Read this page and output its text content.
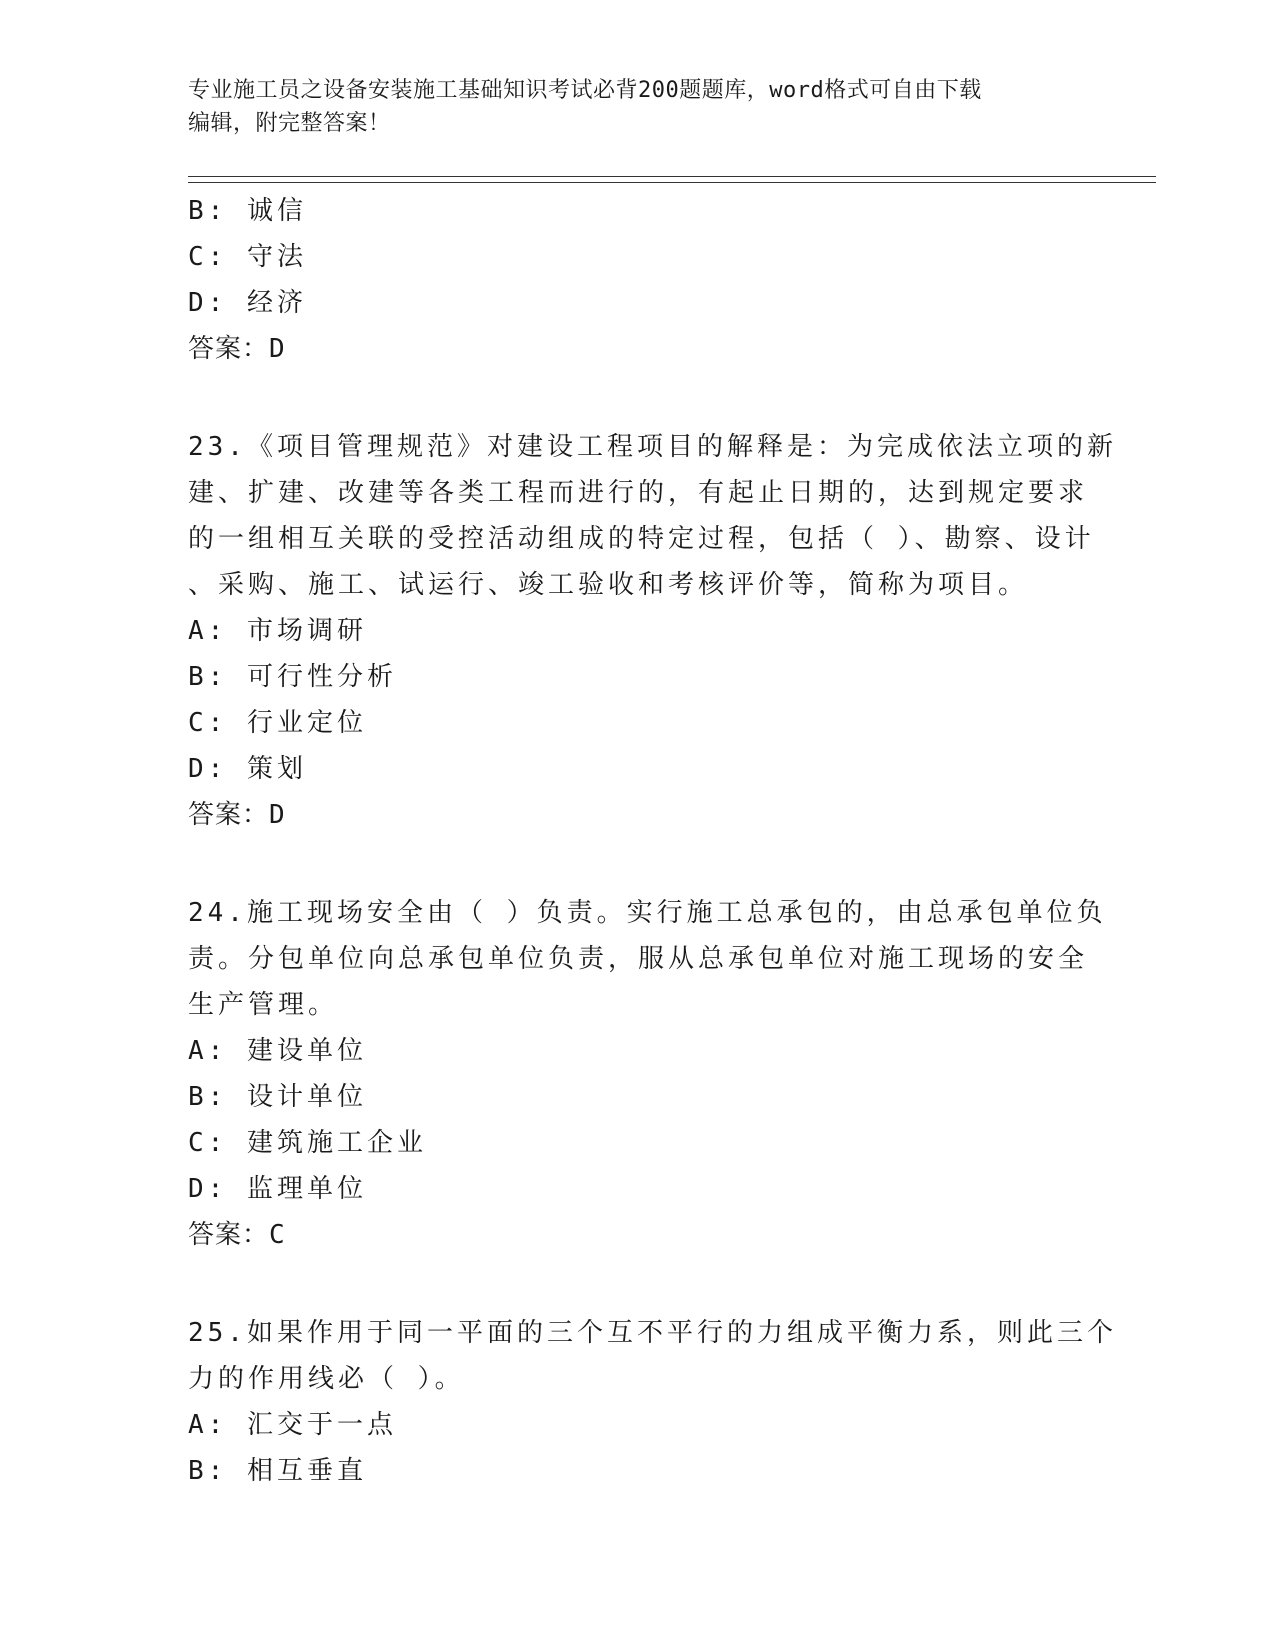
专业施工员之设备安装施工基础知识考试必背200题题库，word格式可自由下载
编辑，附完整答案！
B: 诚信
C: 守法
D: 经济
答案：D
23.《项目管理规范》对建设工程项目的解释是：为完成依法立项的新
建、扩建、改建等各类工程而进行的，有起止日期的，达到规定要求
的一组相互关联的受控活动组成的特定过程，包括（ ）、勘察、设计
、采购、施工、试运行、竣工验收和考核评价等，简称为项目。
A: 市场调研
B: 可行性分析
C: 行业定位
D: 策划
答案：D
24.施工现场安全由（ ）负责。实行施工总承包的，由总承包单位负
责。分包单位向总承包单位负责，服从总承包单位对施工现场的安全
生产管理。
A: 建设单位
B: 设计单位
C: 建筑施工企业
D: 监理单位
答案：C
25.如果作用于同一平面的三个互不平行的力组成平衡力系，则此三个
力的作用线必（ ）。
A: 汇交于一点
B: 相互垂直
